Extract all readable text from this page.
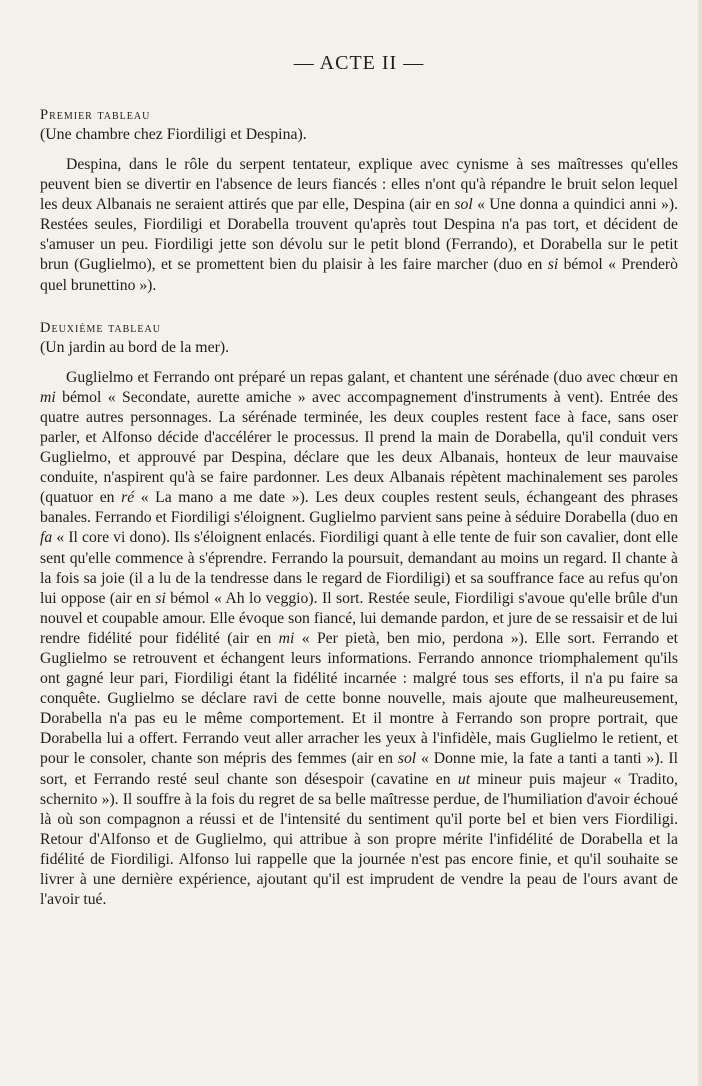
— ACTE II —
Premier tableau
(Une chambre chez Fiordiligi et Despina).

Despina, dans le rôle du serpent tentateur, explique avec cynisme à ses maîtresses qu'elles peuvent bien se divertir en l'absence de leurs fiancés : elles n'ont qu'à répandre le bruit selon lequel les deux Albanais ne seraient attirés que par elle, Despina (air en sol « Une donna a quindici anni »). Restées seules, Fiordiligi et Dorabella trouvent qu'après tout Despina n'a pas tort, et décident de s'amuser un peu. Fiordiligi jette son dévolu sur le petit blond (Ferrando), et Dorabella sur le petit brun (Guglielmo), et se promettent bien du plaisir à les faire marcher (duo en si bémol « Prenderò quel brunettino »).

Deuxième tableau
(Un jardin au bord de la mer).

Guglielmo et Ferrando ont préparé un repas galant, et chantent une sérénade (duo avec chœur en mi bémol « Secondate, aurette amiche » avec accompagnement d'instruments à vent). Entrée des quatre autres personnages. La sérénade terminée, les deux couples restent face à face, sans oser parler, et Alfonso décide d'accélérer le processus. Il prend la main de Dorabella, qu'il conduit vers Guglielmo, et approuvé par Despina, déclare que les deux Albanais, honteux de leur mauvaise conduite, n'aspirent qu'à se faire pardonner. Les deux Albanais répètent machinalement ses paroles (quatuor en ré « La mano a me date »). Les deux couples restent seuls, échangeant des phrases banales. Ferrando et Fiordiligi s'éloignent. Guglielmo parvient sans peine à séduire Dorabella (duo en fa « Il core vi dono). Ils s'éloignent enlacés. Fiordiligi quant à elle tente de fuir son cavalier, dont elle sent qu'elle commence à s'éprendre. Ferrando la poursuit, demandant au moins un regard. Il chante à la fois sa joie (il a lu de la tendresse dans le regard de Fiordiligi) et sa souffrance face au refus qu'on lui oppose (air en si bémol « Ah lo veggio). Il sort. Restée seule, Fiordiligi s'avoue qu'elle brûle d'un nouvel et coupable amour. Elle évoque son fiancé, lui demande pardon, et jure de se ressaisir et de lui rendre fidélité pour fidélité (air en mi « Per pietà, ben mio, perdona »). Elle sort. Ferrando et Guglielmo se retrouvent et échangent leurs informations. Ferrando annonce triomphalement qu'ils ont gagné leur pari, Fiordiligi étant la fidélité incarnée : malgré tous ses efforts, il n'a pu faire sa conquête. Guglielmo se déclare ravi de cette bonne nouvelle, mais ajoute que malheureusement, Dorabella n'a pas eu le même comportement. Et il montre à Ferrando son propre portrait, que Dorabella lui a offert. Ferrando veut aller arracher les yeux à l'infidèle, mais Guglielmo le retient, et pour le consoler, chante son mépris des femmes (air en sol « Donne mie, la fate a tanti a tanti »). Il sort, et Ferrando resté seul chante son désespoir (cavatine en ut mineur puis majeur « Tradito, schernito »). Il souffre à la fois du regret de sa belle maîtresse perdue, de l'humiliation d'avoir échoué là où son compagnon a réussi et de l'intensité du sentiment qu'il porte bel et bien vers Fiordiligi. Retour d'Alfonso et de Guglielmo, qui attribue à son propre mérite l'infidélité de Dorabella et la fidélité de Fiordiligi. Alfonso lui rappelle que la journée n'est pas encore finie, et qu'il souhaite se livrer à une dernière expérience, ajoutant qu'il est imprudent de vendre la peau de l'ours avant de l'avoir tué.
